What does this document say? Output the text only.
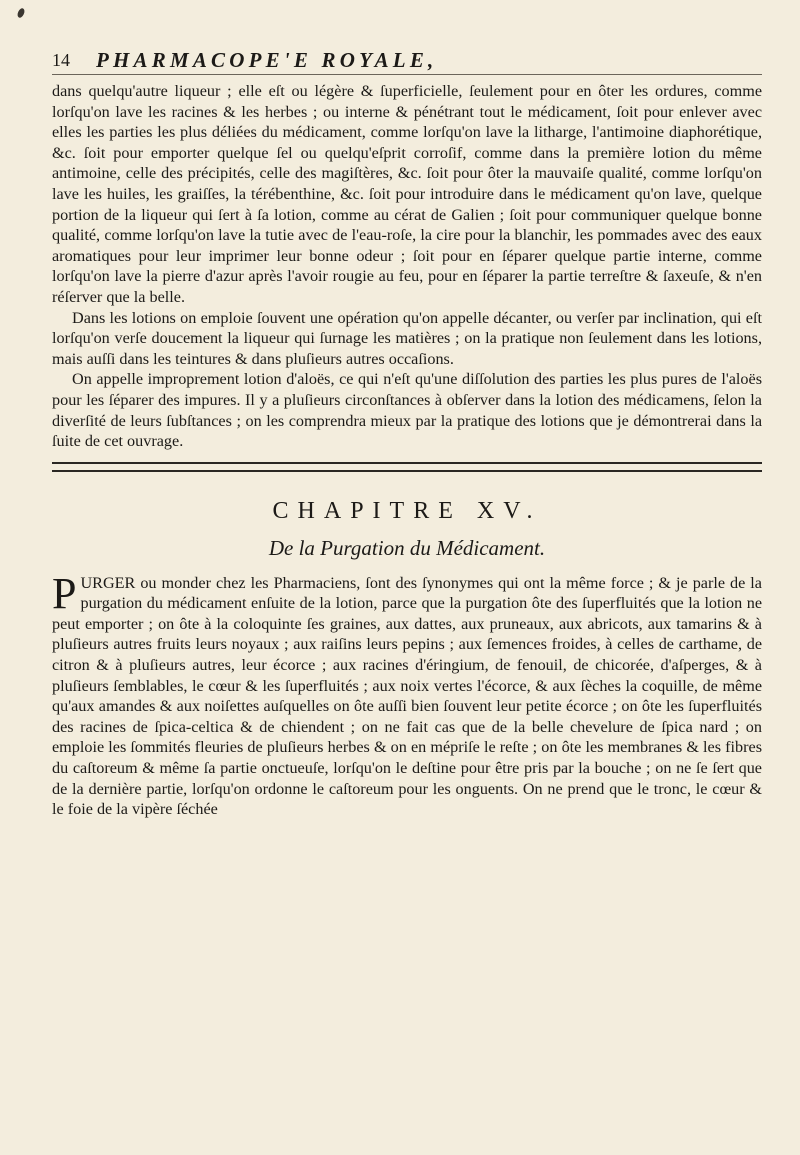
14 PHARMACOPE'E ROYALE,

dans quelqu'autre liqueur ; elle eſt ou légère & ſuperficielle, ſeulement pour en ôter les ordures, comme lorſqu'on lave les racines & les herbes ; ou interne & pénétrant tout le médicament, ſoit pour enlever avec elles les parties les plus déliées du médicament, comme lorſqu'on lave la litharge, l'antimoine diaphorétique, &c. ſoit pour emporter quelque ſel ou quelqu'eſprit corroſif, comme dans la première lotion du même antimoine, celle des précipités, celle des magiſtères, &c. ſoit pour ôter la mauvaiſe qualité, comme lorſqu'on lave les huiles, les graiſſes, la térébenthine, &c. ſoit pour introduire dans le médicament qu'on lave, quelque portion de la liqueur qui ſert à ſa lotion, comme au cérat de Galien ; ſoit pour communiquer quelque bonne qualité, comme lorſqu'on lave la tutie avec de l'eau-roſe, la cire pour la blanchir, les pommades avec des eaux aromatiques pour leur imprimer leur bonne odeur ; ſoit pour en ſéparer quelque partie interne, comme lorſqu'on lave la pierre d'azur après l'avoir rougie au feu, pour en ſéparer la partie terreſtre & ſaxeuſe, & n'en réſerver que la belle.

Dans les lotions on emploie ſouvent une opération qu'on appelle décanter, ou verſer par inclination, qui eſt lorſqu'on verſe doucement la liqueur qui ſurnage les matières ; on la pratique non ſeulement dans les lotions, mais auſſi dans les teintures & dans pluſieurs autres occaſions.

On appelle improprement lotion d'aloës, ce qui n'eſt qu'une diſſolution des parties les plus pures de l'aloës pour les ſéparer des impures. Il y a pluſieurs circonſtances à obſerver dans la lotion des médicamens, ſelon la diverſité de leurs ſubſtances ; on les comprendra mieux par la pratique des lotions que je démontrerai dans la ſuite de cet ouvrage.

CHAPITRE XV.
De la Purgation du Médicament.

P URGER ou monder chez les Pharmaciens, ſont des ſynonymes qui ont la même force ; & je parle de la purgation du médicament enſuite de la lotion, parce que la purgation ôte des ſuperfluités que la lotion ne peut emporter ; on ôte à la coloquinte ſes graines, aux dattes, aux pruneaux, aux abricots, aux tamarins & à pluſieurs autres fruits leurs noyaux ; aux raiſins leurs pepins ; aux ſemences froides, à celles de carthame, de citron & à pluſieurs autres, leur écorce ; aux racines d'éringium, de fenouil, de chicorée, d'aſperges, & à pluſieurs ſemblables, le cœur & les ſuperfluités ; aux noix vertes l'écorce, & aux ſèches la coquille, de même qu'aux amandes & aux noiſettes auſquelles on ôte auſſi bien ſouvent leur petite écorce ; on ôte les ſuperfluités des racines de ſpica-celtica & de chiendent ; on ne fait cas que de la belle chevelure de ſpica nard ; on emploie les ſommités fleuries de pluſieurs herbes & on en mépriſe le reſte ; on ôte les membranes & les fibres du caſtoreum & même ſa partie onctueuſe, lorſqu'on le deſtine pour être pris par la bouche ; on ne ſe ſert que de la dernière partie, lorſqu'on ordonne le caſtoreum pour les onguents. On ne prend que le tronc, le cœur & le foie de la vipère ſéchée
